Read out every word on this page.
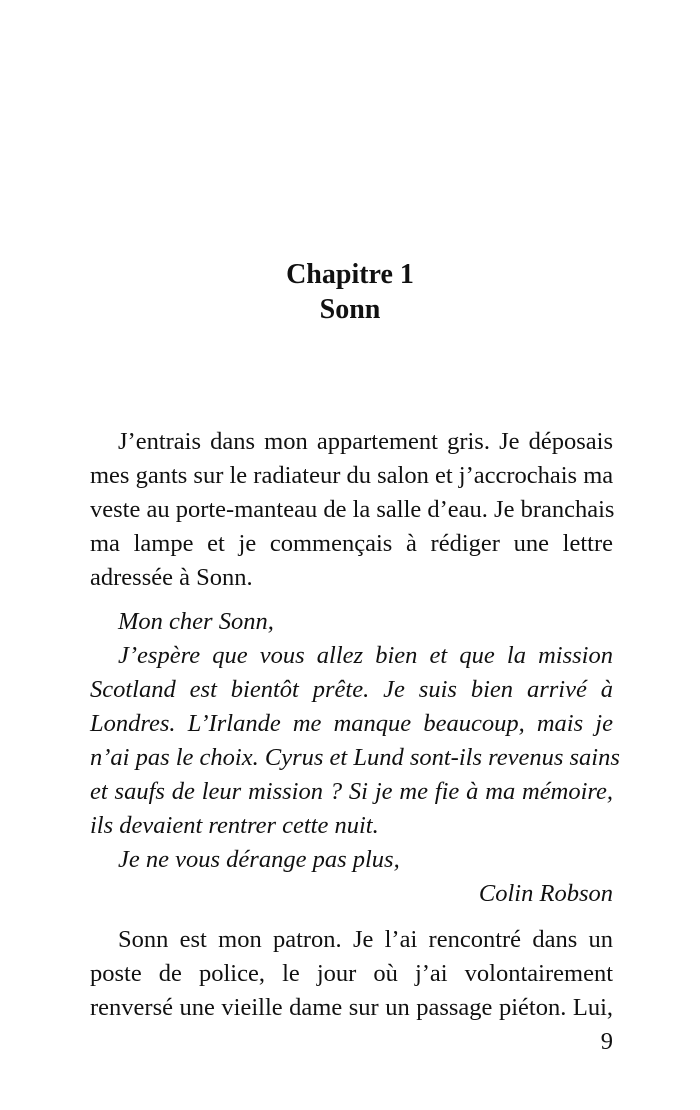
Chapitre 1
Sonn
J’entrais dans mon appartement gris. Je déposais
mes gants sur le radiateur du salon et j’accrochais ma
veste au porte-manteau de la salle d’eau. Je branchais
ma lampe et je commençais à rédiger une lettre
adressée à Sonn.
Mon cher Sonn,
J’espère que vous allez bien et que la mission
Scotland est bientôt prête. Je suis bien arrivé à
Londres. L’Irlande me manque beaucoup, mais je
n’ai pas le choix. Cyrus et Lund sont-ils revenus sains
et saufs de leur mission ? Si je me fie à ma mémoire,
ils devaient rentrer cette nuit.
Je ne vous dérange pas plus,
Colin Robson
Sonn est mon patron. Je l’ai rencontré dans un
poste de police, le jour où j’ai volontairement
renversé une vieille dame sur un passage piéton. Lui,
9
